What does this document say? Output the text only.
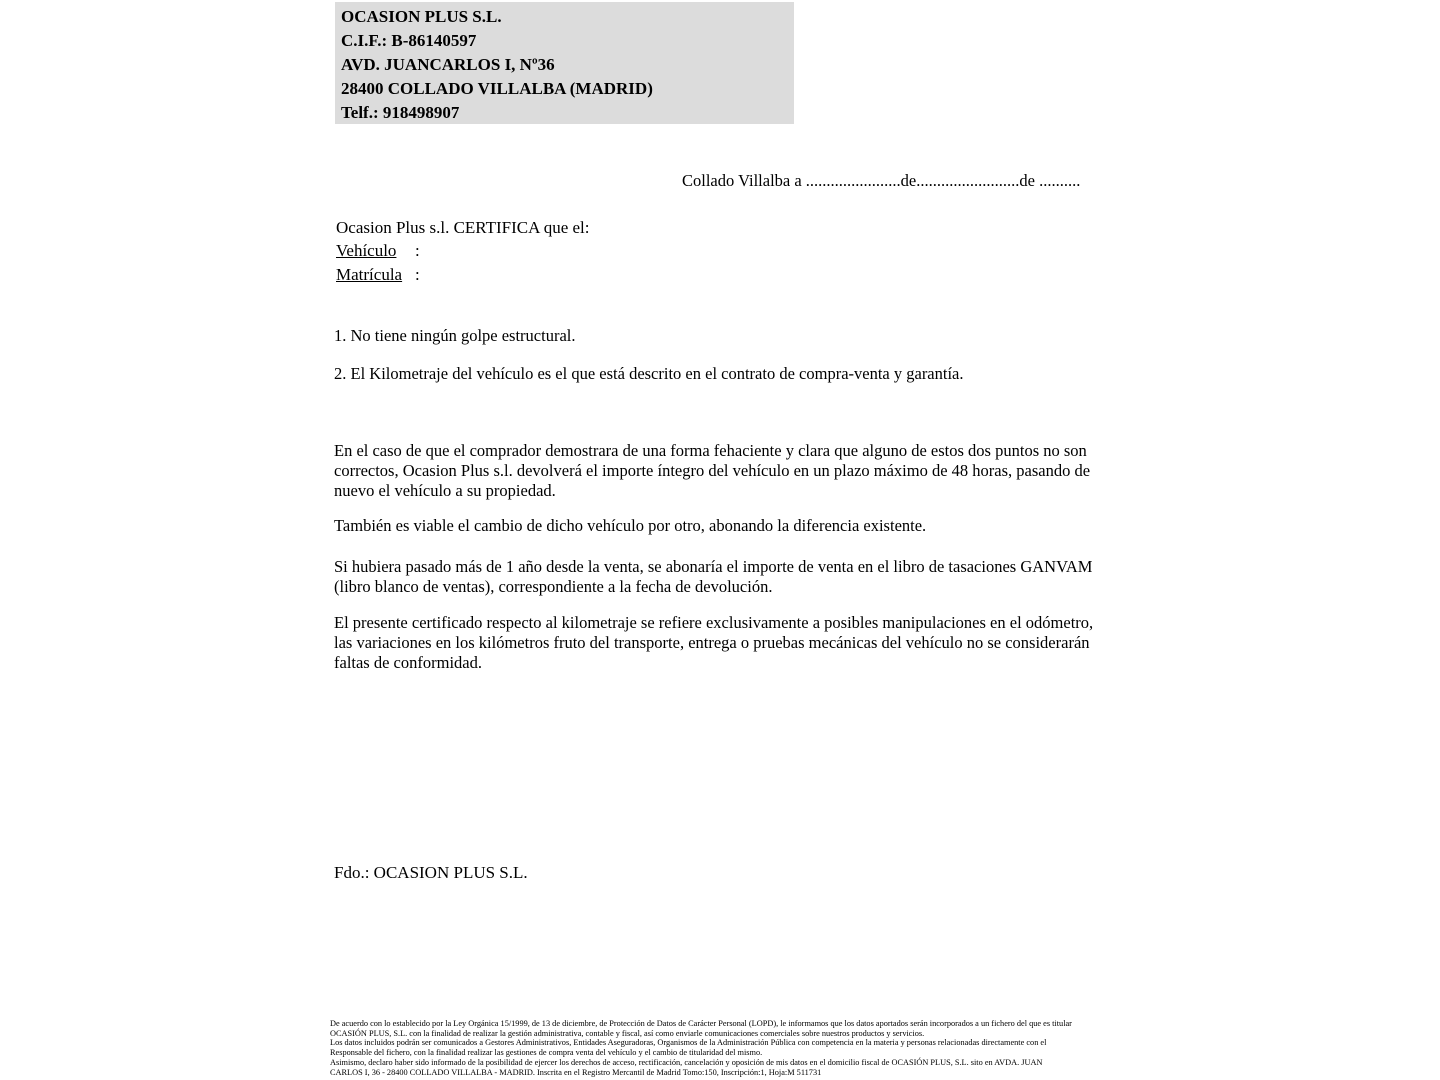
OCASION PLUS S.L.
C.I.F.: B-86140597
AVD. JUANCARLOS I, Nº36
28400 COLLADO VILLALBA (MADRID)
Telf.: 918498907
Collado Villalba a .......................de.........................de ..........
Ocasion Plus s.l. CERTIFICA que el:
Vehículo :
Matrícula :
1. No tiene ningún golpe estructural.
2. El Kilometraje del vehículo es el que está descrito en el contrato de compra-venta y garantía.
En el caso de que el comprador demostrara de una forma fehaciente y clara que alguno de estos dos puntos no son correctos, Ocasion Plus s.l. devolverá el importe íntegro del vehículo en un plazo máximo de 48 horas, pasando de nuevo el vehículo a su propiedad.
También es viable el cambio de dicho vehículo por otro, abonando la diferencia existente.
Si hubiera pasado más de 1 año desde la venta, se abonaría el importe de venta en el libro de tasaciones GANVAM (libro blanco de ventas), correspondiente a la fecha de devolución.
El presente certificado respecto al kilometraje se refiere exclusivamente a posibles manipulaciones en el odómetro, las variaciones en los kilómetros fruto del transporte, entrega o pruebas mecánicas del vehículo no se considerarán faltas de conformidad.
Fdo.: OCASION PLUS S.L.
De acuerdo con lo establecido por la Ley Orgánica 15/1999, de 13 de diciembre, de Protección de Datos de Carácter Personal (LOPD), le informamos que los datos aportados serán incorporados a un fichero del que es titular
OCASIÓN PLUS, S.L. con la finalidad de realizar la gestión administrativa, contable y fiscal, así como enviarle comunicaciones comerciales sobre nuestros productos y servicios.
Los datos incluidos podrán ser comunicados a Gestores Administrativos, Entidades Aseguradoras, Organismos de la Administración Pública con competencia en la materia y personas relacionadas directamente con el
Responsable del fichero, con la finalidad realizar las gestiones de compra venta del vehículo y el cambio de titularidad del mismo.
Asimismo, declaro haber sido informado de la posibilidad de ejercer los derechos de acceso, rectificación, cancelación y oposición de mis datos en el domicilio fiscal de OCASIÓN PLUS, S.L. sito en AVDA. JUAN
CARLOS I, 36 - 28400 COLLADO VILLALBA - MADRID. Inscrita en el Registro Mercantil de Madrid Tomo:150, Inscripción:1, Hoja:M 511731
